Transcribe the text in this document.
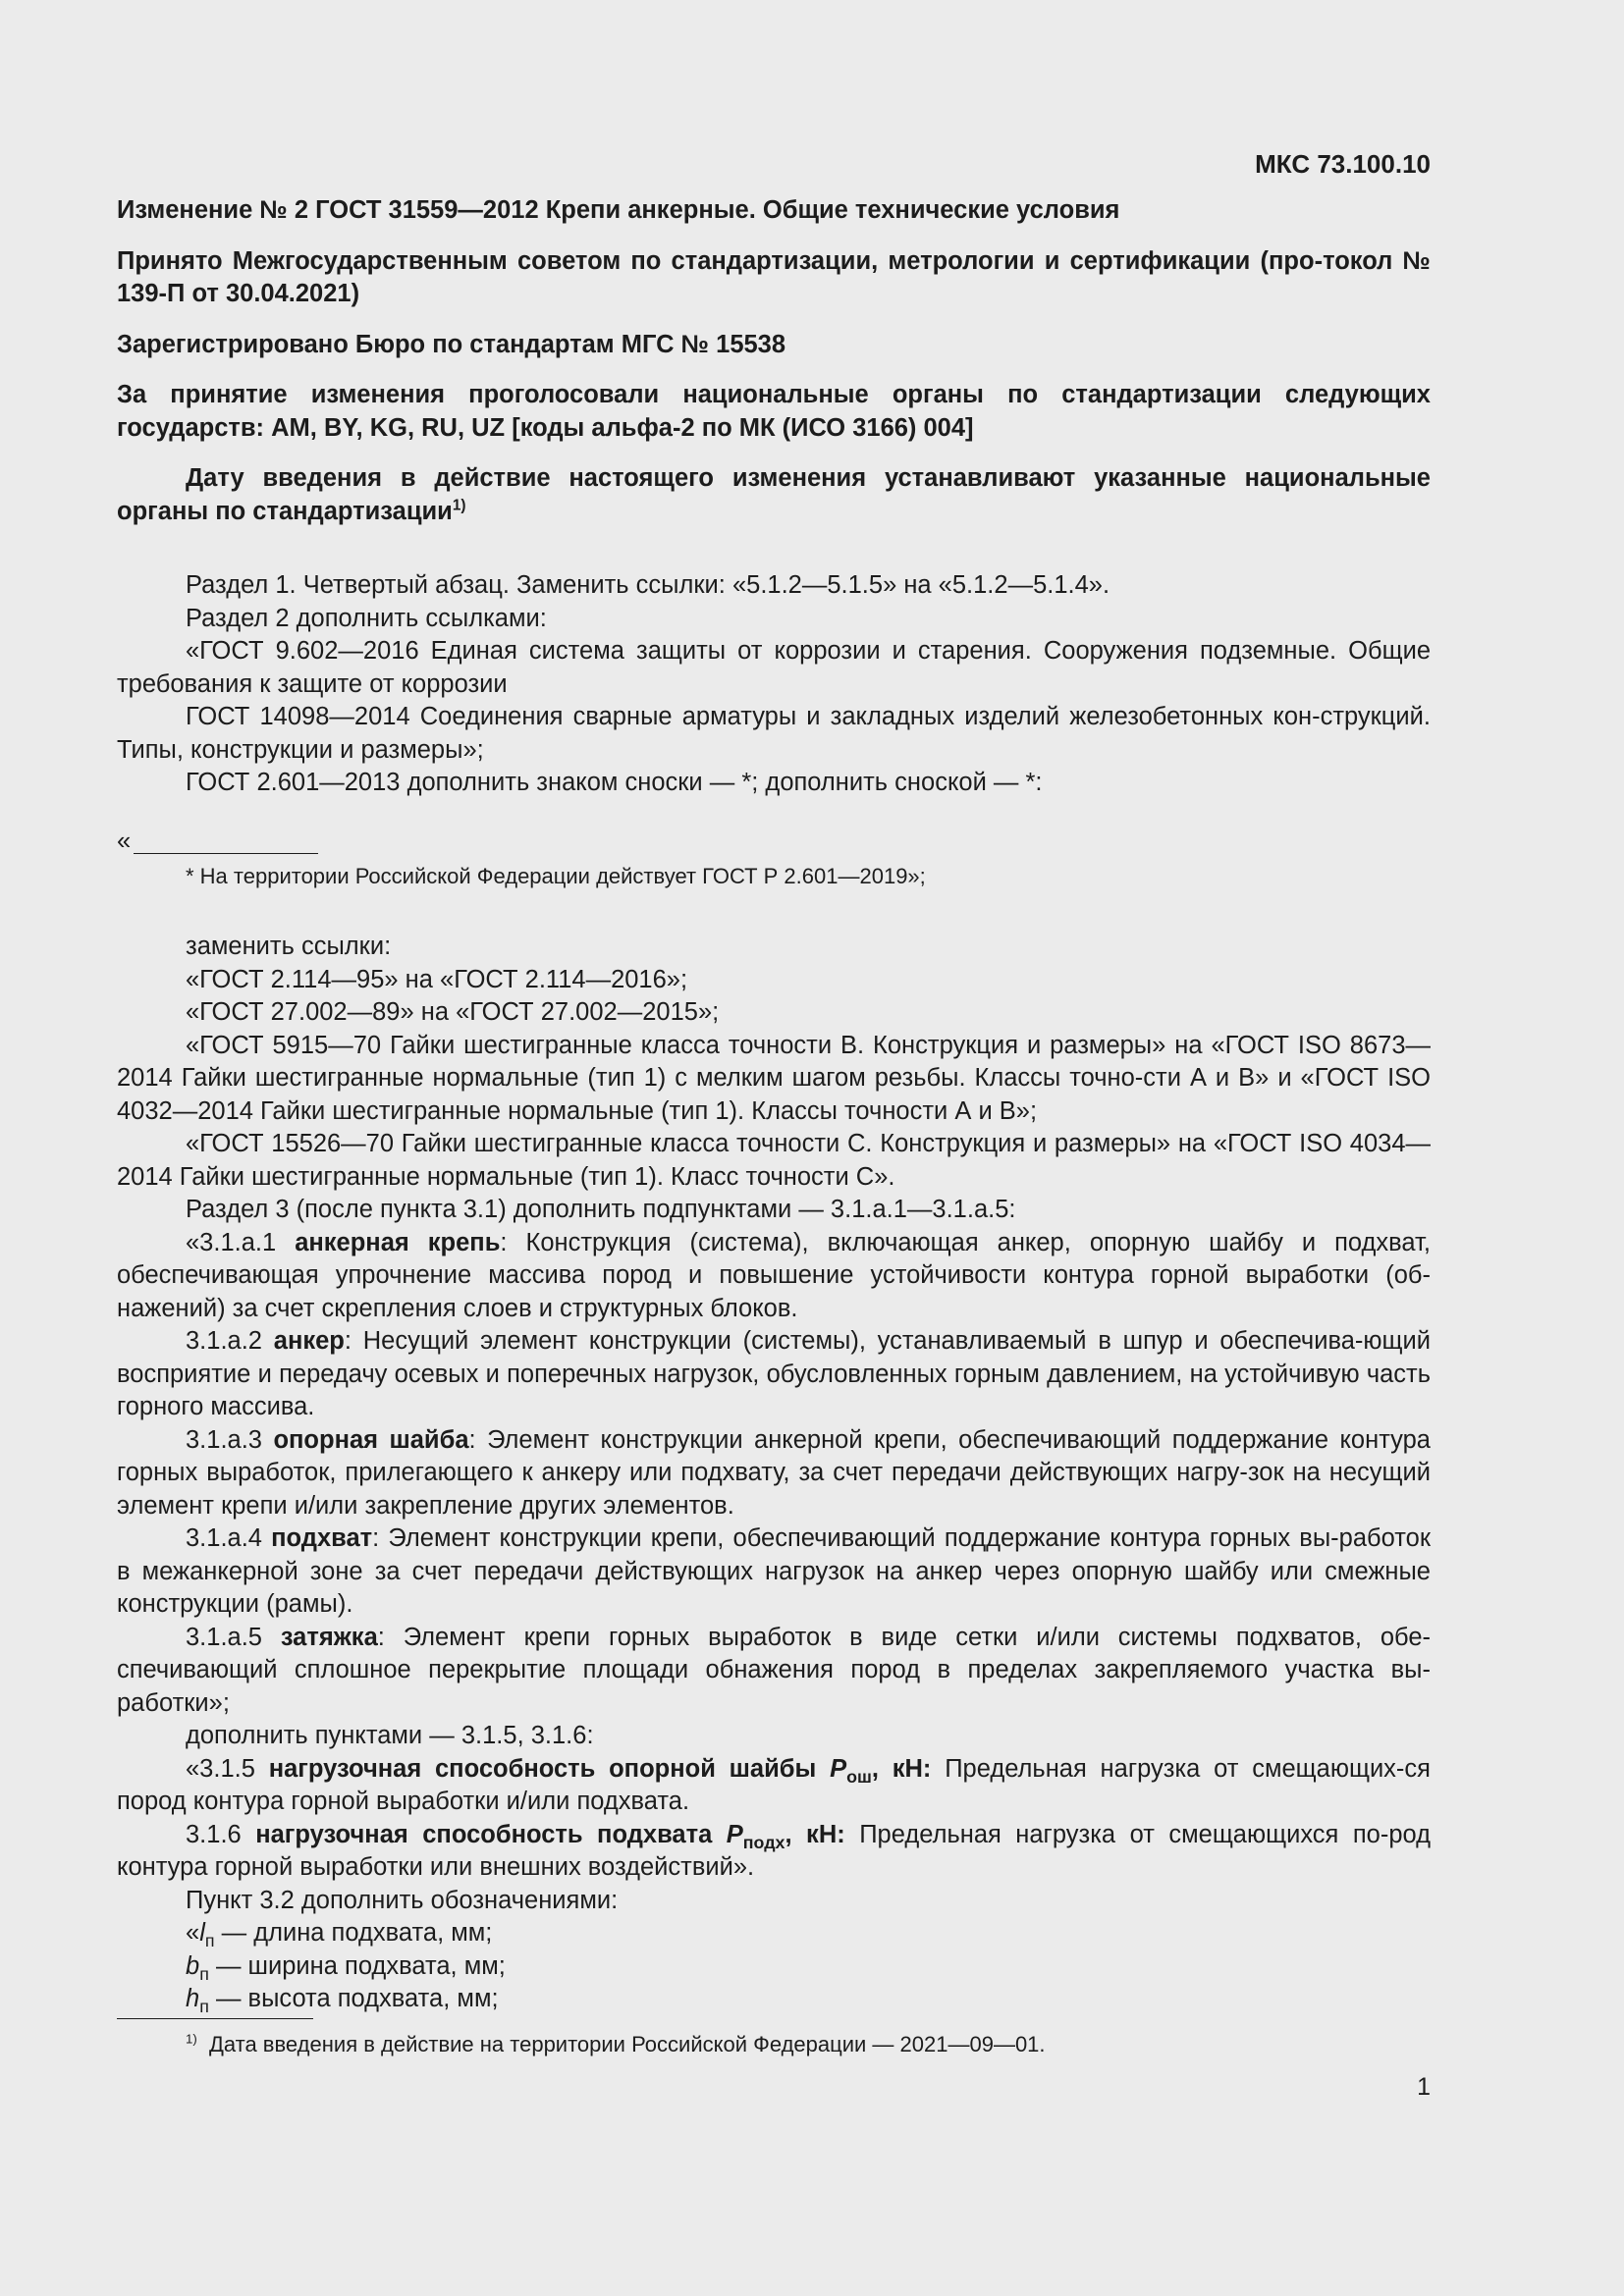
МКС 73.100.10

Изменение № 2 ГОСТ 31559—2012 Крепи анкерные. Общие технические условия

Принято Межгосударственным советом по стандартизации, метрологии и сертификации (про-токол № 139-П от 30.04.2021)

Зарегистрировано Бюро по стандартам МГС № 15538

За принятие изменения проголосовали национальные органы по стандартизации следующих государств: AM, BY, KG, RU, UZ [коды альфа-2 по МК (ИСО 3166) 004]

Дату введения в действие настоящего изменения устанавливают указанные национальные органы по стандартизации$^{1)}$

Раздел 1. Четвертый абзац. Заменить ссылки: «5.1.2—5.1.5» на «5.1.2—5.1.4».

Раздел 2 дополнить ссылками:

«ГОСТ 9.602—2016 Единая система защиты от коррозии и старения. Сооружения подземные. Общие требования к защите от коррозии

ГОСТ 14098—2014 Соединения сварные арматуры и закладных изделий железобетонных кон-струкций. Типы, конструкции и размеры»;

ГОСТ 2.601—2013 дополнить знаком сноски — *; дополнить сноской — *:

«

* На территории Российской Федерации действует ГОСТ Р 2.601—2019»;

заменить ссылки:

«ГОСТ 2.114—95» на «ГОСТ 2.114—2016»;

«ГОСТ 27.002—89» на «ГОСТ 27.002—2015»;

«ГОСТ 5915—70 Гайки шестигранные класса точности В. Конструкция и размеры» на «ГОСТ ISO 8673—2014 Гайки шестигранные нормальные (тип 1) с мелким шагом резьбы. Классы точно-сти А и В» и «ГОСТ ISO 4032—2014 Гайки шестигранные нормальные (тип 1). Классы точности А и В»;

«ГОСТ 15526—70 Гайки шестигранные класса точности С. Конструкция и размеры» на «ГОСТ ISO 4034—2014 Гайки шестигранные нормальные (тип 1). Класс точности С».

Раздел 3 (после пункта 3.1) дополнить подпунктами — 3.1.а.1—3.1.а.5:

«3.1.а.1 анкерная крепь: Конструкция (система), включающая анкер, опорную шайбу и подхват, обеспечивающая упрочнение массива пород и повышение устойчивости контура горной выработки (об-нажений) за счет скрепления слоев и структурных блоков.

3.1.а.2 анкер: Несущий элемент конструкции (системы), устанавливаемый в шпур и обеспечива-ющий восприятие и передачу осевых и поперечных нагрузок, обусловленных горным давлением, на устойчивую часть горного массива.

3.1.а.3 опорная шайба: Элемент конструкции анкерной крепи, обеспечивающий поддержание контура горных выработок, прилегающего к анкеру или подхвату, за счет передачи действующих нагру-зок на несущий элемент крепи и/или закрепление других элементов.

3.1.а.4 подхват: Элемент конструкции крепи, обеспечивающий поддержание контура горных вы-работок в межанкерной зоне за счет передачи действующих нагрузок на анкер через опорную шайбу или смежные конструкции (рамы).

3.1.а.5 затяжка: Элемент крепи горных выработок в виде сетки и/или системы подхватов, обе-спечивающий сплошное перекрытие площади обнажения пород в пределах закрепляемого участка вы-работки»;

дополнить пунктами — 3.1.5, 3.1.6:

«3.1.5 нагрузочная способность опорной шайбы $P_{ош}$, кН: Предельная нагрузка от смещающих-ся пород контура горной выработки и/или подхвата.

3.1.6 нагрузочная способность подхвата $P_{подх}$, кН: Предельная нагрузка от смещающихся по-род контура горной выработки или внешних воздействий».

Пункт 3.2 дополнить обозначениями:

«$l_п$ — длина подхвата, мм;

$b_п$ — ширина подхвата, мм;

$h_п$ — высота подхвата, мм;

$^{1)}$ Дата введения в действие на территории Российской Федерации — 2021—09—01.
1
